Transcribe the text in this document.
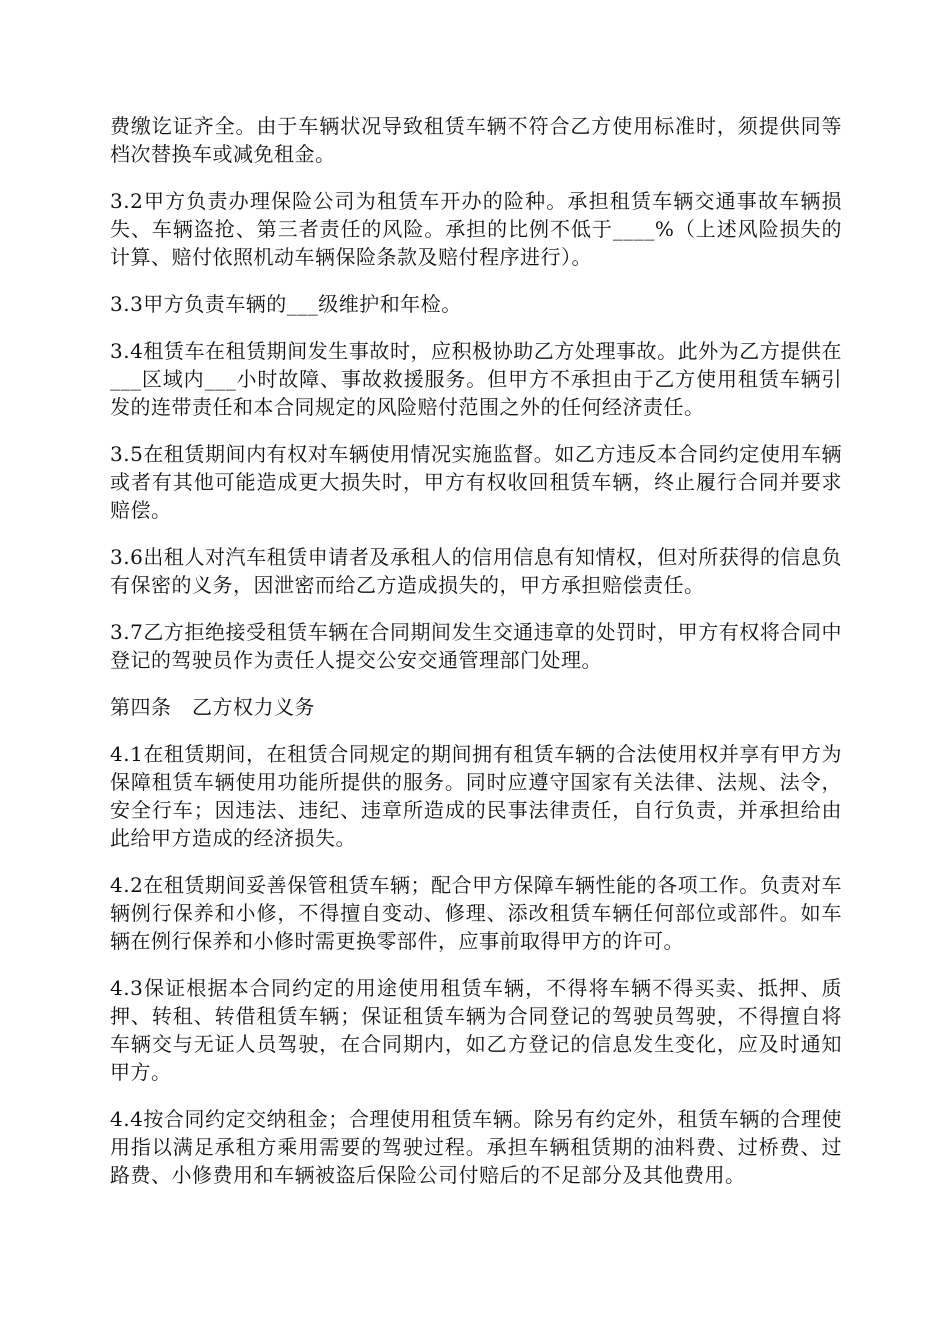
费缴讫证齐全。由于车辆状况导致租赁车辆不符合乙方使用标准时，须提供同等档次替换车或减免租金。

3.2甲方负责办理保险公司为租赁车开办的险种。承担租赁车辆交通事故车辆损失、车辆盗抢、第三者责任的风险。承担的比例不低于____%（上述风险损失的计算、赔付依照机动车辆保险条款及赔付程序进行）。

3.3甲方负责车辆的___级维护和年检。

3.4租赁车在租赁期间发生事故时，应积极协助乙方处理事故。此外为乙方提供在___区域内___小时故障、事故救援服务。但甲方不承担由于乙方使用租赁车辆引发的连带责任和本合同规定的风险赔付范围之外的任何经济责任。

3.5在租赁期间内有权对车辆使用情况实施监督。如乙方违反本合同约定使用车辆或者有其他可能造成更大损失时，甲方有权收回租赁车辆，终止履行合同并要求赔偿。

3.6出租人对汽车租赁申请者及承租人的信用信息有知情权，但对所获得的信息负有保密的义务，因泄密而给乙方造成损失的，甲方承担赔偿责任。

3.7乙方拒绝接受租赁车辆在合同期间发生交通违章的处罚时，甲方有权将合同中登记的驾驶员作为责任人提交公安交通管理部门处理。

第四条　乙方权力义务

4.1在租赁期间，在租赁合同规定的期间拥有租赁车辆的合法使用权并享有甲方为保障租赁车辆使用功能所提供的服务。同时应遵守国家有关法律、法规、法令，安全行车；因违法、违纪、违章所造成的民事法律责任，自行负责，并承担给由此给甲方造成的经济损失。

4.2在租赁期间妥善保管租赁车辆；配合甲方保障车辆性能的各项工作。负责对车辆例行保养和小修，不得擅自变动、修理、添改租赁车辆任何部位或部件。如车辆在例行保养和小修时需更换零部件，应事前取得甲方的许可。

4.3保证根据本合同约定的用途使用租赁车辆，不得将车辆不得买卖、抵押、质押、转租、转借租赁车辆；保证租赁车辆为合同登记的驾驶员驾驶，不得擅自将车辆交与无证人员驾驶，在合同期内，如乙方登记的信息发生变化，应及时通知甲方。

4.4按合同约定交纳租金；合理使用租赁车辆。除另有约定外，租赁车辆的合理使用指以满足承租方乘用需要的驾驶过程。承担车辆租赁期的油料费、过桥费、过路费、小修费用和车辆被盗后保险公司付赔后的不足部分及其他费用。
